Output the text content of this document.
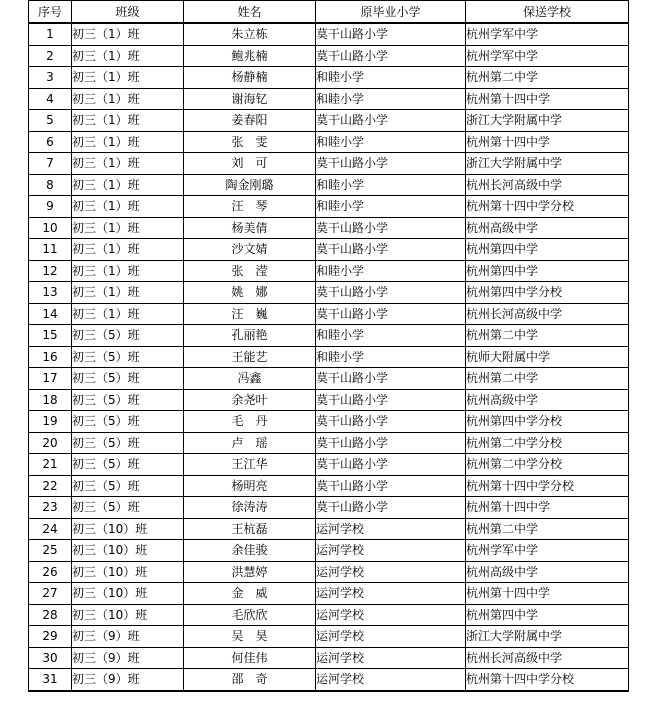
序号	班级	姓名	原毕业小学	保送学校
1	初三（1）班	朱立栋	莫干山路小学	杭州学军中学
2	初三（1）班	鲍兆楠	莫干山路小学	杭州学军中学
3	初三（1）班	杨静楠	和睦小学	杭州第二中学
4	初三（1）班	谢海钇	和睦小学	杭州第十四中学
5	初三（1）班	姜春阳	莫干山路小学	浙江大学附属中学
6	初三（1）班	张　雯	和睦小学	杭州第十四中学
7	初三（1）班	刘　可	莫干山路小学	浙江大学附属中学
8	初三（1）班	陶金刚璐	和睦小学	杭州长河高级中学
9	初三（1）班	汪　琴	和睦小学	杭州第十四中学分校
10	初三（1）班	杨美倩	莫干山路小学	杭州高级中学
11	初三（1）班	沙文婧	莫干山路小学	杭州第四中学
12	初三（1）班	张　滢	和睦小学	杭州第四中学
13	初三（1）班	姚　娜	莫干山路小学	杭州第四中学分校
14	初三（1）班	汪　巍	莫干山路小学	杭州长河高级中学
15	初三（5）班	孔丽艳	和睦小学	杭州第二中学
16	初三（5）班	王能艺	和睦小学	杭师大附属中学
17	初三（5）班	冯鑫	莫干山路小学	杭州第二中学
18	初三（5）班	余尧叶	莫干山路小学	杭州高级中学
19	初三（5）班	毛　丹	莫干山路小学	杭州第四中学分校
20	初三（5）班	卢　瑶	莫干山路小学	杭州第二中学分校
21	初三（5）班	王江华	莫干山路小学	杭州第二中学分校
22	初三（5）班	杨明亮	莫干山路小学	杭州第十四中学分校
23	初三（5）班	徐涛涛	莫干山路小学	杭州第十四中学
24	初三（10）班	王杭磊	运河学校	杭州第二中学
25	初三（10）班	余佳骏	运河学校	杭州学军中学
26	初三（10）班	洪慧婷	运河学校	杭州高级中学
27	初三（10）班	金　威	运河学校	杭州第十四中学
28	初三（10）班	毛欣欣	运河学校	杭州第四中学
29	初三（9）班	吴　昊	运河学校	浙江大学附属中学
30	初三（9）班	何佳伟	运河学校	杭州长河高级中学
31	初三（9）班	邵　奇	运河学校	杭州第十四中学分校
